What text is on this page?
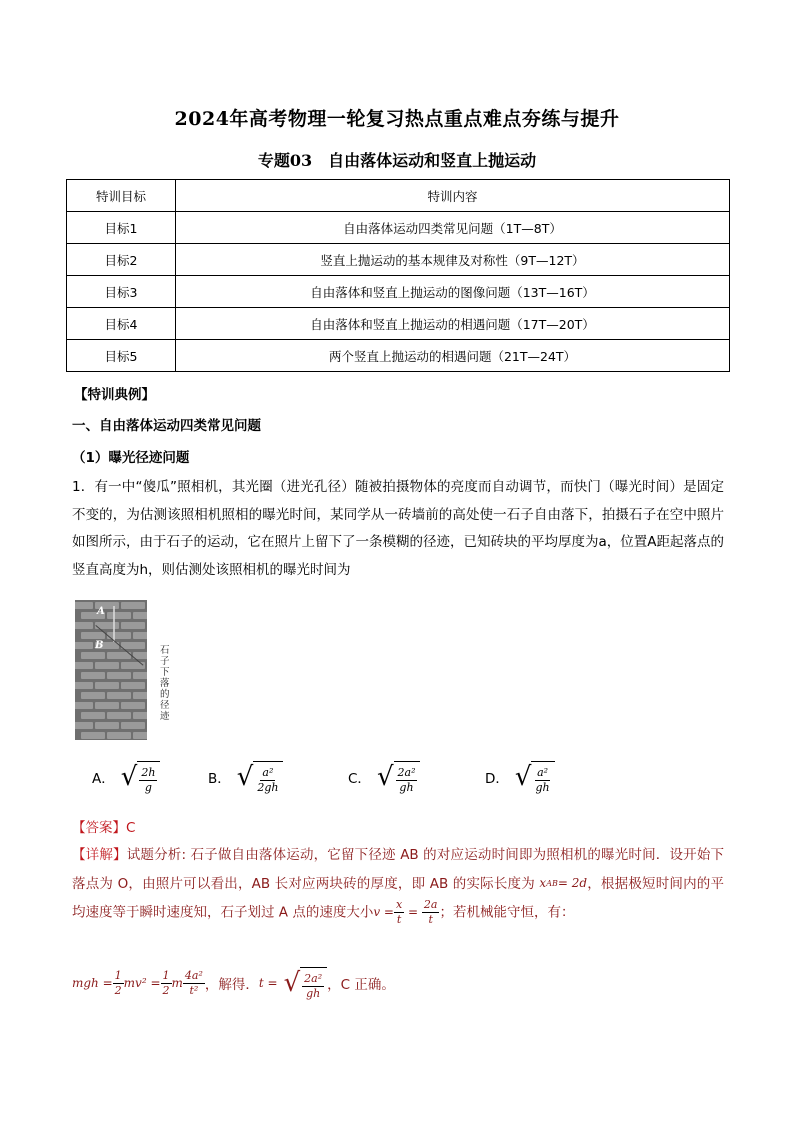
2024年高考物理一轮复习热点重点难点夯练与提升
专题03　自由落体运动和竖直上抛运动
特训目标	特训内容
目标1	自由落体运动四类常见问题（1T—8T）
目标2	竖直上抛运动的基本规律及对称性（9T—12T）
目标3	自由落体和竖直上抛运动的图像问题（13T—16T）
目标4	自由落体和竖直上抛运动的相遇问题（17T—20T）
目标5	两个竖直上抛运动的相遇问题（21T—24T）
【特训典例】
一、自由落体运动四类常见问题
（1）曝光径迹问题
1．有一中“傻瓜”照相机，其光圈（进光孔径）随被拍摄物体的亮度而自动调节，而快门（曝光时间）是固定不变的，为估测该照相机照相的曝光时间，某同学从一砖墙前的高处使一石子自由落下，拍摄石子在空中照片如图所示，由于石子的运动，它在照片上留下了一条模糊的径迹，已知砖块的平均厚度为a，位置A距起落点的竖直高度为h，则估测处该照相机的曝光时间为
A
B	石子下落的径迹
A． √ $\frac{2h}{g}$	B． √ $\frac{\text{a²}}{2gh}$	C． √ $\frac{\text{2a²}}{gh}$	D． √ $\frac{\text{a²}}{gh}$
【答案】C
【详解】试题分析: 石子做自由落体运动，它留下径迹 AB 的对应运动时间即为照相机的曝光时间．设开始下落点为 O，由照片可以看出，AB 长对应两块砖的厚度，即 AB 的实际长度为 x AB = 2d ，根据极短时间内的平均速度等于瞬时速度知，石子划过 A 点的速度大小 $v = \frac{x}{t} = \frac{2a}{t}$ ；若机械能守恒，有：
mgh = $\frac{1}{2} mv^2 = \frac{1}{2}$ m $\frac{\text{4a²}}{\text{t²}}$ ，解得． t = √ $\frac{\text{2a²}}{gh}$ ，C 正确。
